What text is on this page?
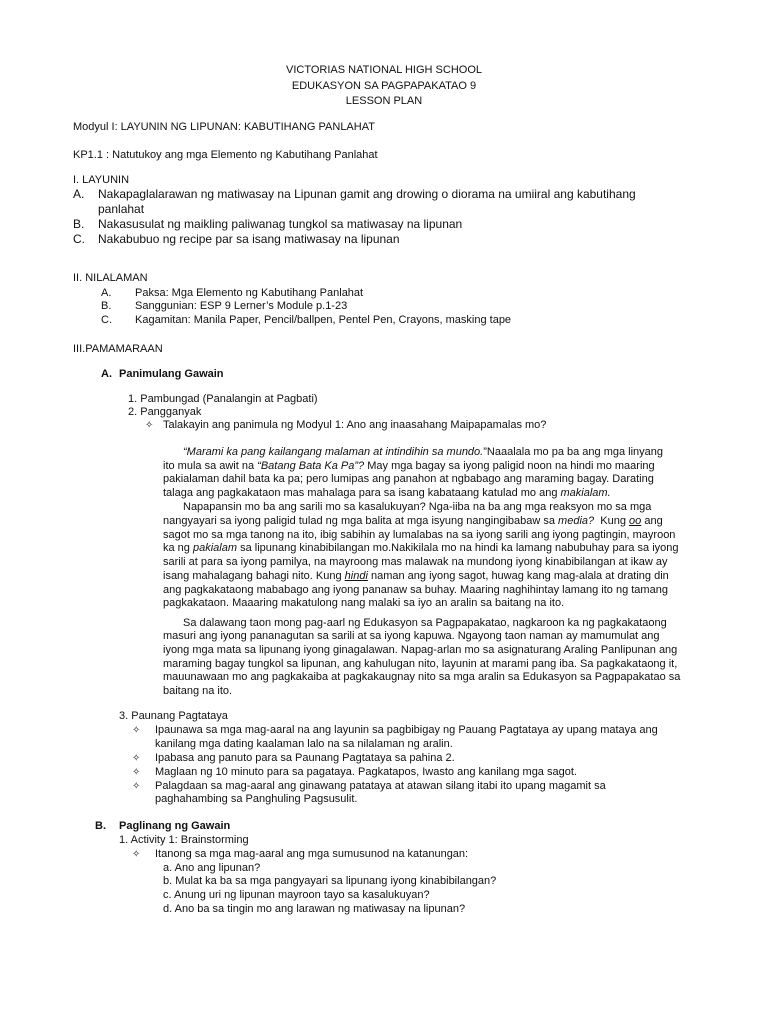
VICTORIAS NATIONAL HIGH SCHOOL
EDUKASYON SA PAGPAPAKATAO 9
LESSON PLAN
Modyul I: LAYUNIN NG LIPUNAN: KABUTIHANG PANLAHAT
KP1.1 : Natutukoy ang mga Elemento ng Kabutihang Panlahat
I. LAYUNIN
A. Nakapaglalarawan ng matiwasay na Lipunan gamit ang drowing o diorama na umiiral ang kabutihang
panlahat
B. Nakasusulat ng maikling paliwanag tungkol sa matiwasay na lipunan
C. Nakabubuo ng recipe par sa isang matiwasay na lipunan
II. NILALAMAN
A. Paksa: Mga Elemento ng Kabutihang Panlahat
B. Sanggunian: ESP 9 Lerner’s Module p.1-23
C. Kagamitan: Manila Paper, Pencil/ballpen, Pentel Pen, Crayons, masking tape
III.PAMAMARAAN
A. Panimulang Gawain
1. Pambungad (Panalangin at Pagbati)
2. Pangganyak
✧ Talakayin ang panimula ng Modyul 1: Ano ang inaasahang Maipapamalas mo?
“Marami ka pang kailangang malaman at intindihin sa mundo.”Naaalala mo pa ba ang mga linyang
ito mula sa awit na “Batang Bata Ka Pa”? May mga bagay sa iyong paligid noon na hindi mo maaring
pakialaman dahil bata ka pa; pero lumipas ang panahon at ngbabago ang maraming bagay. Darating
talaga ang pagkakataon mas mahalaga para sa isang kabataang katulad mo ang makialam.
Napapansin mo ba ang sarili mo sa kasalukuyan? Nga-iiba na ba ang mga reaksyon mo sa mga
nangyayari sa iyong paligid tulad ng mga balita at mga isyung nangingibabaw sa media? Kung oo ang
sagot mo sa mga tanong na ito, ibig sabihin ay lumalabas na sa iyong sarili ang iyong pagtingin, mayroon
ka ng pakialam sa lipunang kinabibilangan mo.Nakikilala mo na hindi ka lamang nabubuhay para sa iyong
sarili at para sa iyong pamilya, na mayroong mas malawak na mundong iyong kinabibilangan at ikaw ay
isang mahalagang bahagi nito. Kung hindi naman ang iyong sagot, huwag kang mag-alala at drating din
ang pagkakataong mababago ang iyong pananaw sa buhay. Maaring naghihintay lamang ito ng tamang
pagkakataon. Maaaring makatulong nang malaki sa iyo an aralin sa baitang na ito.
Sa dalawang taon mong pag-aarl ng Edukasyon sa Pagpapakatao, nagkaroon ka ng pagkakataong
masuri ang iyong pananagutan sa sarili at sa iyong kapuwa. Ngayong taon naman ay mamumulat ang
iyong mga mata sa lipunang iyong ginagalawan. Napag-arlan mo sa asignaturang Araling Panlipunan ang
maraming bagay tungkol sa lipunan, ang kahulugan nito, layunin at marami pang iba. Sa pagkakataong it,
mauunawaan mo ang pagkakaiba at pagkakaugnay nito sa mga aralin sa Edukasyon sa Pagpapakatao sa
baitang na ito.
3. Paunang Pagtataya
✧ Ipaunawa sa mga mag-aaral na ang layunin sa pagbibigay ng Pauang Pagtataya ay upang mataya ang
kanilang mga dating kaalaman lalo na sa nilalaman ng aralin.
✧ Ipabasa ang panuto para sa Paunang Pagtataya sa pahina 2.
✧ Maglaan ng 10 minuto para sa pagataya. Pagkatapos, Iwasto ang kanilang mga sagot.
✧ Palagdaan sa mag-aaral ang ginawang patataya at atawan silang itabi ito upang magamit sa
paghahambing sa Panghuling Pagsusulit.
B. Paglinang ng Gawain
1. Activity 1: Brainstorming
✧ Itanong sa mga mag-aaral ang mga sumusunod na katanungan:
a. Ano ang lipunan?
b. Mulat ka ba sa mga pangyayari sa lipunang iyong kinabibilangan?
c. Anung uri ng lipunan mayroon tayo sa kasalukuyan?
d. Ano ba sa tingin mo ang larawan ng matiwasay na lipunan?
